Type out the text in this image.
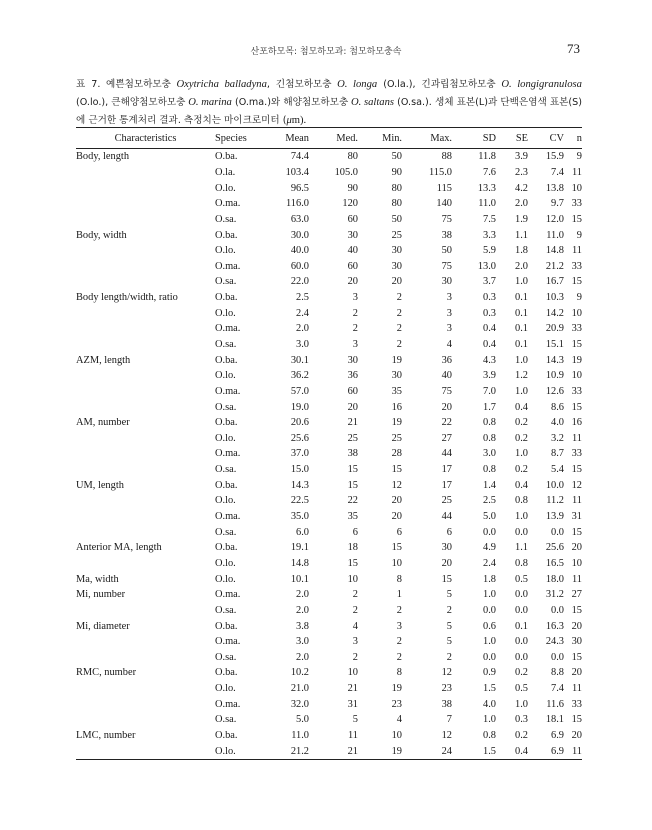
산포하모목: 첨모하모과: 첨모하모충속	73
표 7. 예쁜첨모하모충 Oxytricha balladyna, 긴첨모하모충 O. longa (O.la.), 긴과립첨모하모충 O. longigranulosa (O.lo.), 큰해양첨모하모충 O. marina (O.ma.)와 해양첨모하모충 O. saltans (O.sa.). 생체 표본(L)과 단백은염색 표본(S)에 근거한 통계처리 결과. 측정치는 마이크로미터 (μm).
Characteristics	Species	Mean	Med.	Min.	Max.	SD	SE	CV	n
Body, length	O.ba.	74.4	80	50	88	11.8	3.9	15.9	9
	O.la.	103.4	105.0	90	115.0	7.6	2.3	7.4	11
	O.lo.	96.5	90	80	115	13.3	4.2	13.8	10
	O.ma.	116.0	120	80	140	11.0	2.0	9.7	33
	O.sa.	63.0	60	50	75	7.5	1.9	12.0	15
Body, width	O.ba.	30.0	30	25	38	3.3	1.1	11.0	9
	O.lo.	40.0	40	30	50	5.9	1.8	14.8	11
	O.ma.	60.0	60	30	75	13.0	2.0	21.2	33
	O.sa.	22.0	20	20	30	3.7	1.0	16.7	15
Body length/width, ratio	O.ba.	2.5	3	2	3	0.3	0.1	10.3	9
	O.lo.	2.4	2	2	3	0.3	0.1	14.2	10
	O.ma.	2.0	2	2	3	0.4	0.1	20.9	33
	O.sa.	3.0	3	2	4	0.4	0.1	15.1	15
AZM, length	O.ba.	30.1	30	19	36	4.3	1.0	14.3	19
	O.lo.	36.2	36	30	40	3.9	1.2	10.9	10
	O.ma.	57.0	60	35	75	7.0	1.0	12.6	33
	O.sa.	19.0	20	16	20	1.7	0.4	8.6	15
AM, number	O.ba.	20.6	21	19	22	0.8	0.2	4.0	16
	O.lo.	25.6	25	25	27	0.8	0.2	3.2	11
	O.ma.	37.0	38	28	44	3.0	1.0	8.7	33
	O.sa.	15.0	15	15	17	0.8	0.2	5.4	15
UM, length	O.ba.	14.3	15	12	17	1.4	0.4	10.0	12
	O.lo.	22.5	22	20	25	2.5	0.8	11.2	11
	O.ma.	35.0	35	20	44	5.0	1.0	13.9	31
	O.sa.	6.0	6	6	6	0.0	0.0	0.0	15
Anterior MA, length	O.ba.	19.1	18	15	30	4.9	1.1	25.6	20
	O.lo.	14.8	15	10	20	2.4	0.8	16.5	10
Ma, width	O.lo.	10.1	10	8	15	1.8	0.5	18.0	11
Mi, number	O.ma.	2.0	2	1	5	1.0	0.0	31.2	27
	O.sa.	2.0	2	2	2	0.0	0.0	0.0	15
Mi, diameter	O.ba.	3.8	4	3	5	0.6	0.1	16.3	20
	O.ma.	3.0	3	2	5	1.0	0.0	24.3	30
	O.sa.	2.0	2	2	2	0.0	0.0	0.0	15
RMC, number	O.ba.	10.2	10	8	12	0.9	0.2	8.8	20
	O.lo.	21.0	21	19	23	1.5	0.5	7.4	11
	O.ma.	32.0	31	23	38	4.0	1.0	11.6	33
	O.sa.	5.0	5	4	7	1.0	0.3	18.1	15
LMC, number	O.ba.	11.0	11	10	12	0.8	0.2	6.9	20
	O.lo.	21.2	21	19	24	1.5	0.4	6.9	11
